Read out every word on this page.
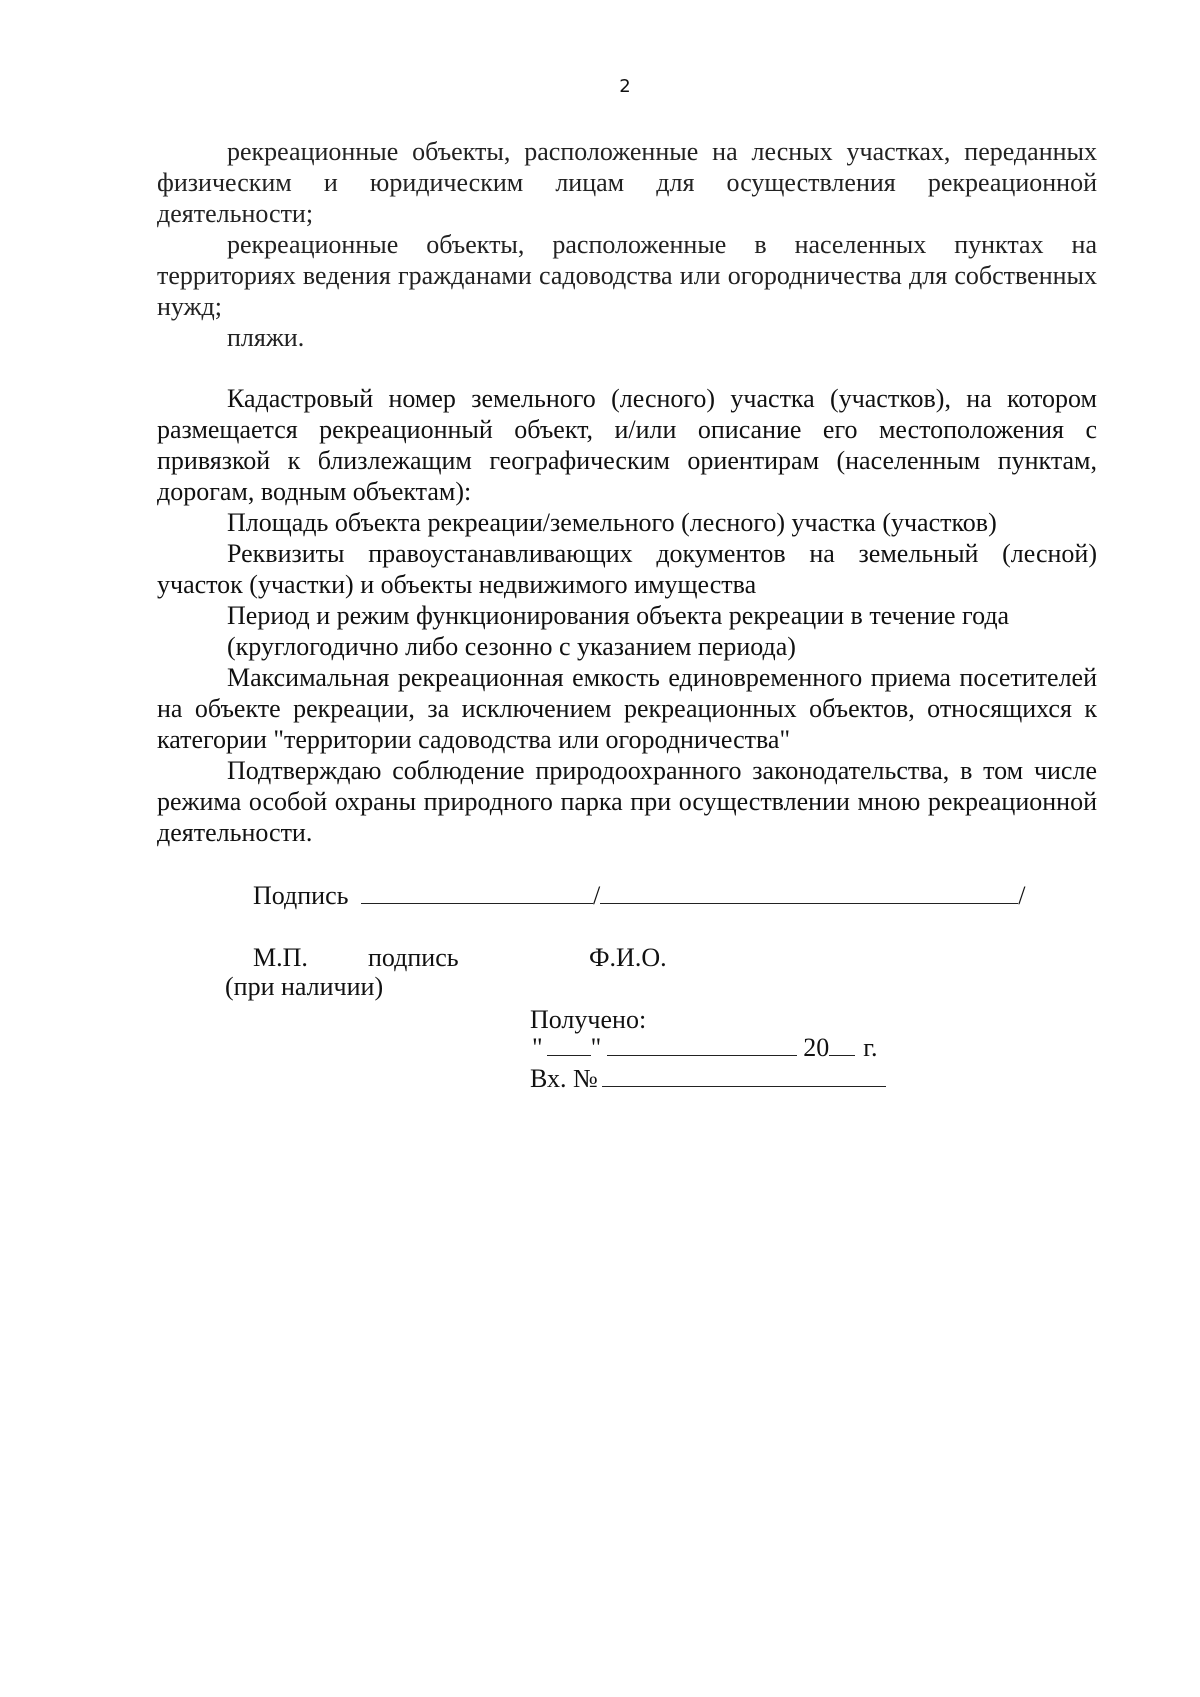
2

рекреационные объекты, расположенные на лесных участках, переданных физическим и юридическим лицам для осуществления рекреационной деятельности;

рекреационные объекты, расположенные в населенных пунктах на территориях ведения гражданами садоводства или огородничества для собственных нужд;

пляжи.

Кадастровый номер земельного (лесного) участка (участков), на котором размещается рекреационный объект, и/или описание его местоположения с привязкой к близлежащим географическим ориентирам (населенным пунктам, дорогам, водным объектам):

Площадь объекта рекреации/земельного (лесного) участка (участков)

Реквизиты правоустанавливающих документов на земельный (лесной) участок (участки) и объекты недвижимого имущества

Период и режим функционирования объекта рекреации в течение года

(круглогодично либо сезонно с указанием периода)

Максимальная рекреационная емкость единовременного приема посетителей на объекте рекреации, за исключением рекреационных объектов, относящихся к категории "территории садоводства или огородничества"

Подтверждаю соблюдение природоохранного законодательства, в том числе режима особой охраны природного парка при осуществлении мною рекреационной деятельности.

Подпись	/	/
М.П. подпись	Ф.И.О.
(при наличии)
Получено:
" "	20 г.
Вх. №
